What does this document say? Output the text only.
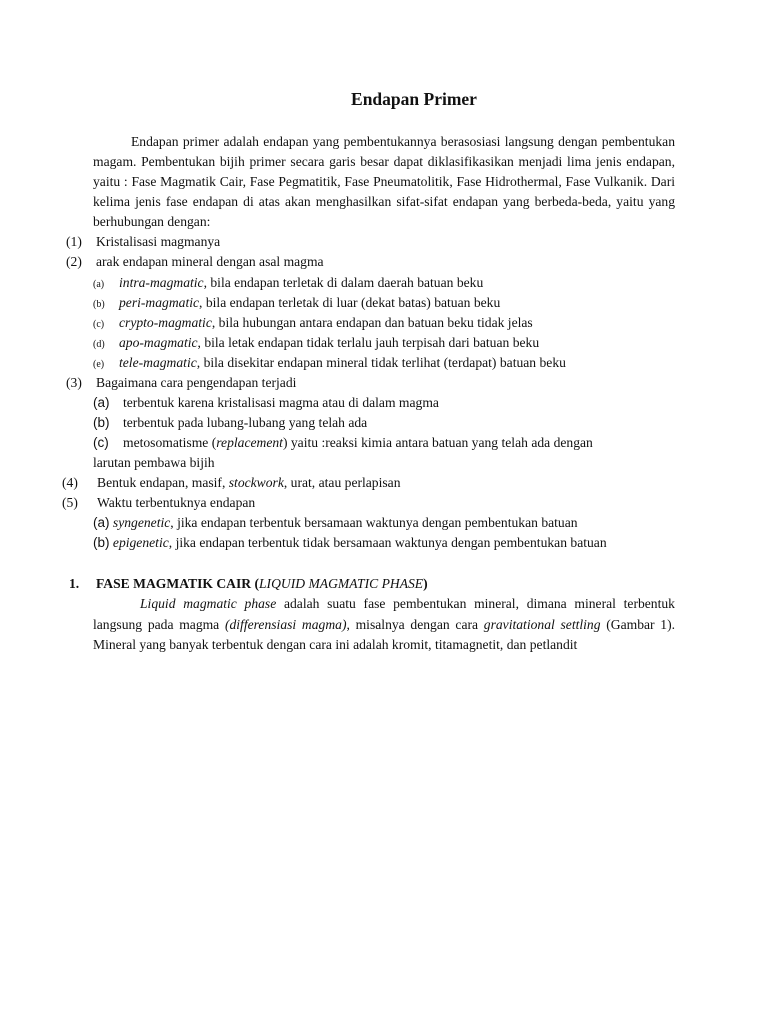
Endapan Primer
Endapan primer adalah endapan yang pembentukannya berasosiasi langsung dengan pembentukan magam. Pembentukan bijih primer secara garis besar dapat diklasifikasikan menjadi lima jenis endapan, yaitu : Fase Magmatik Cair, Fase Pegmatitik, Fase Pneumatolitik, Fase Hidrothermal, Fase Vulkanik. Dari kelima jenis fase endapan di atas akan menghasilkan sifat-sifat endapan yang berbeda-beda, yaitu yang berhubungan dengan:
(1) Kristalisasi magmanya
(2) arak endapan mineral dengan asal magma
(a) intra-magmatic, bila endapan terletak di dalam daerah batuan beku
(b) peri-magmatic, bila endapan terletak di luar (dekat batas) batuan beku
(c) crypto-magmatic, bila hubungan antara endapan dan batuan beku tidak jelas
(d) apo-magmatic, bila letak endapan tidak terlalu jauh terpisah dari batuan beku
(e) tele-magmatic, bila disekitar endapan mineral tidak terlihat (terdapat) batuan beku
(3) Bagaimana cara pengendapan terjadi
(a) terbentuk karena kristalisasi magma atau di dalam magma
(b) terbentuk pada lubang-lubang yang telah ada
(c) metosomatisme (replacement) yaitu :reaksi kimia antara batuan yang telah ada dengan
larutan pembawa bijih
(4) Bentuk endapan, masif, stockwork, urat, atau perlapisan
(5) Waktu terbentuknya endapan
(a) syngenetic, jika endapan terbentuk bersamaan waktunya dengan pembentukan batuan
(b) epigenetic, jika endapan terbentuk tidak bersamaan waktunya dengan pembentukan batuan
1. FASE MAGMATIK CAIR (LIQUID MAGMATIC PHASE)
Liquid magmatic phase adalah suatu fase pembentukan mineral, dimana mineral terbentuk langsung pada magma (differensiasi magma), misalnya dengan cara gravitational settling (Gambar 1). Mineral yang banyak terbentuk dengan cara ini adalah kromit, titamagnetit, dan petlandit
